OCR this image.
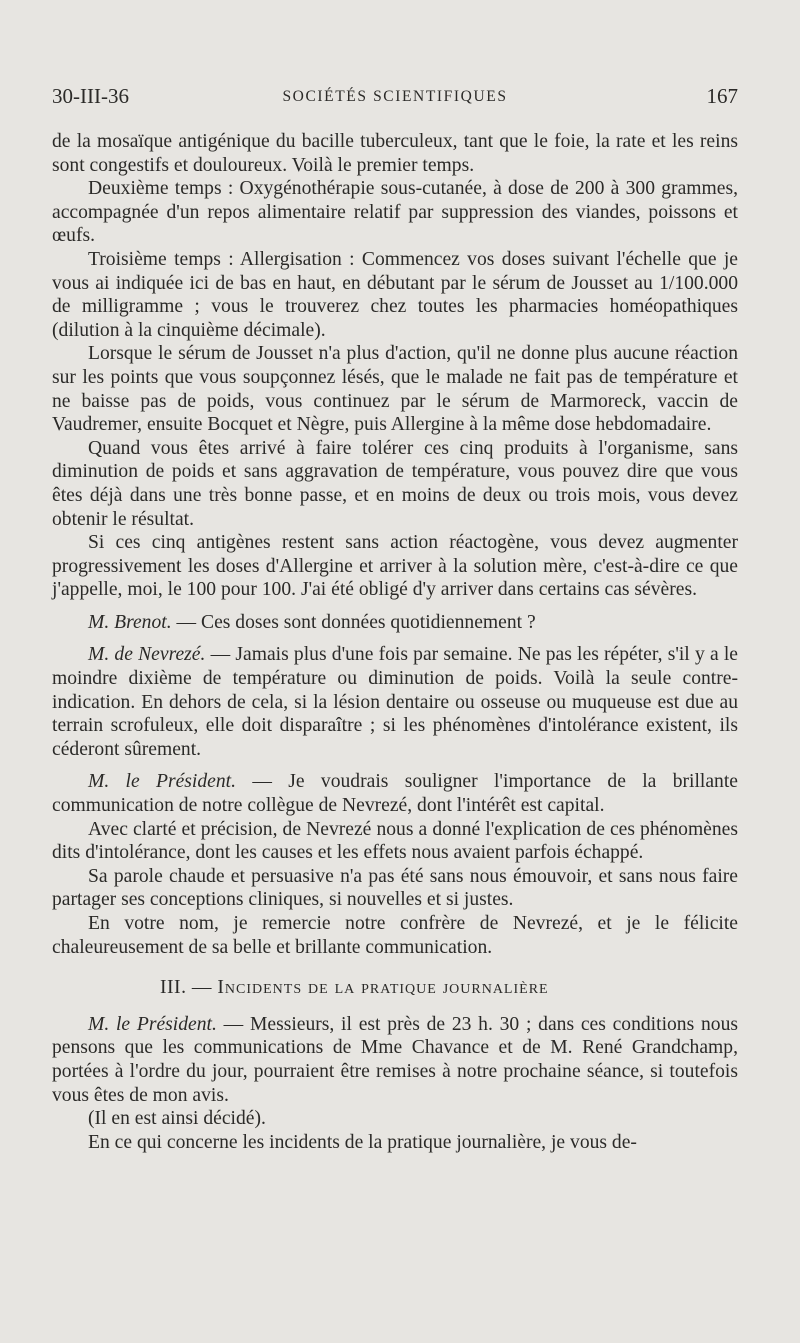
30-III-36	SOCIÉTÉS SCIENTIFIQUES	167

de la mosaïque antigénique du bacille tuberculeux, tant que le foie, la rate et les reins sont congestifs et douloureux. Voilà le premier temps.

Deuxième temps : Oxygénothérapie sous-cutanée, à dose de 200 à 300 grammes, accompagnée d'un repos alimentaire relatif par suppression des viandes, poissons et œufs.

Troisième temps : Allergisation : Commencez vos doses suivant l'échelle que je vous ai indiquée ici de bas en haut, en débutant par le sérum de Jousset au 1/100.000 de milligramme ; vous le trouverez chez toutes les pharmacies homéopathiques (dilution à la cinquième décimale).

Lorsque le sérum de Jousset n'a plus d'action, qu'il ne donne plus aucune réaction sur les points que vous soupçonnez lésés, que le malade ne fait pas de température et ne baisse pas de poids, vous continuez par le sérum de Marmoreck, vaccin de Vaudremer, ensuite Bocquet et Nègre, puis Allergine à la même dose hebdomadaire.

Quand vous êtes arrivé à faire tolérer ces cinq produits à l'organisme, sans diminution de poids et sans aggravation de température, vous pouvez dire que vous êtes déjà dans une très bonne passe, et en moins de deux ou trois mois, vous devez obtenir le résultat.

Si ces cinq antigènes restent sans action réactogène, vous devez augmenter progressivement les doses d'Allergine et arriver à la solution mère, c'est-à-dire ce que j'appelle, moi, le 100 pour 100. J'ai été obligé d'y arriver dans certains cas sévères.

M. Brenot. — Ces doses sont données quotidiennement ?

M. de Nevrezé. — Jamais plus d'une fois par semaine. Ne pas les répéter, s'il y a le moindre dixième de température ou diminution de poids. Voilà la seule contre-indication. En dehors de cela, si la lésion dentaire ou osseuse ou muqueuse est due au terrain scrofuleux, elle doit disparaître ; si les phénomènes d'intolérance existent, ils céderont sûrement.

M. le Président. — Je voudrais souligner l'importance de la brillante communication de notre collègue de Nevrezé, dont l'intérêt est capital.

Avec clarté et précision, de Nevrezé nous a donné l'explication de ces phénomènes dits d'intolérance, dont les causes et les effets nous avaient parfois échappé.

Sa parole chaude et persuasive n'a pas été sans nous émouvoir, et sans nous faire partager ses conceptions cliniques, si nouvelles et si justes.

En votre nom, je remercie notre confrère de Nevrezé, et je le félicite chaleureusement de sa belle et brillante communication.

III. — Incidents de la pratique journalière

M. le Président. — Messieurs, il est près de 23 h. 30 ; dans ces conditions nous pensons que les communications de Mme Chavance et de M. René Grandchamp, portées à l'ordre du jour, pourraient être remises à notre prochaine séance, si toutefois vous êtes de mon avis.

(Il en est ainsi décidé).

En ce qui concerne les incidents de la pratique journalière, je vous de-
